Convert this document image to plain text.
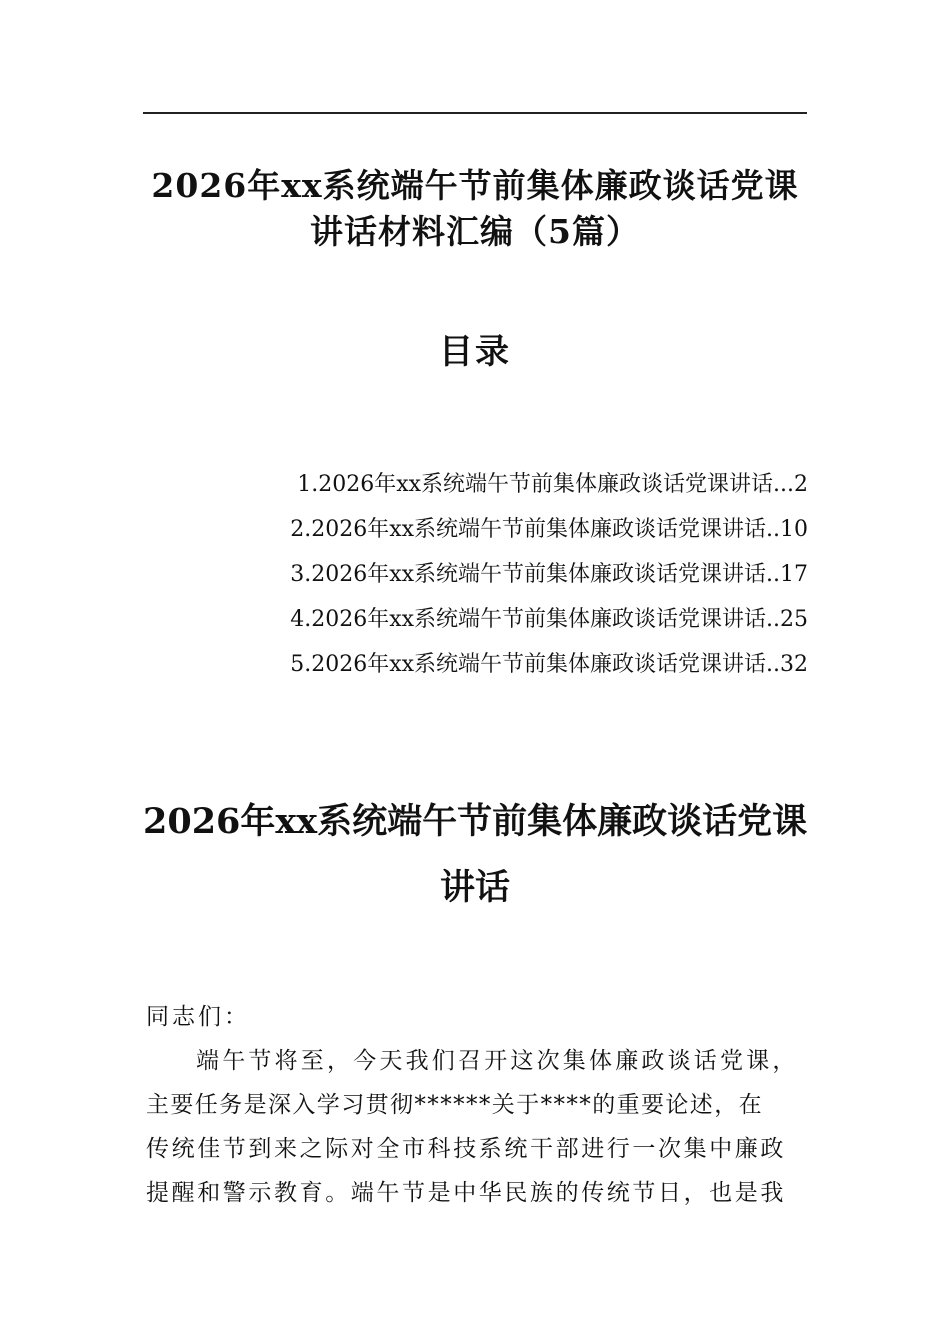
2026年xx系统端午节前集体廉政谈话党课
讲话材料汇编（5篇）
目录
1.2026年xx系统端午节前集体廉政谈话党课讲话...2
2.2026年xx系统端午节前集体廉政谈话党课讲话..10
3.2026年xx系统端午节前集体廉政谈话党课讲话..17
4.2026年xx系统端午节前集体廉政谈话党课讲话..25
5.2026年xx系统端午节前集体廉政谈话党课讲话..32
2026年xx系统端午节前集体廉政谈话党课
讲话
同志们：
端午节将至，今天我们召开这次集体廉政谈话党课，
主要任务是深入学习贯彻******关于****的重要论述，在
传统佳节到来之际对全市科技系统干部进行一次集中廉政
提醒和警示教育。端午节是中华民族的传统节日，也是我
